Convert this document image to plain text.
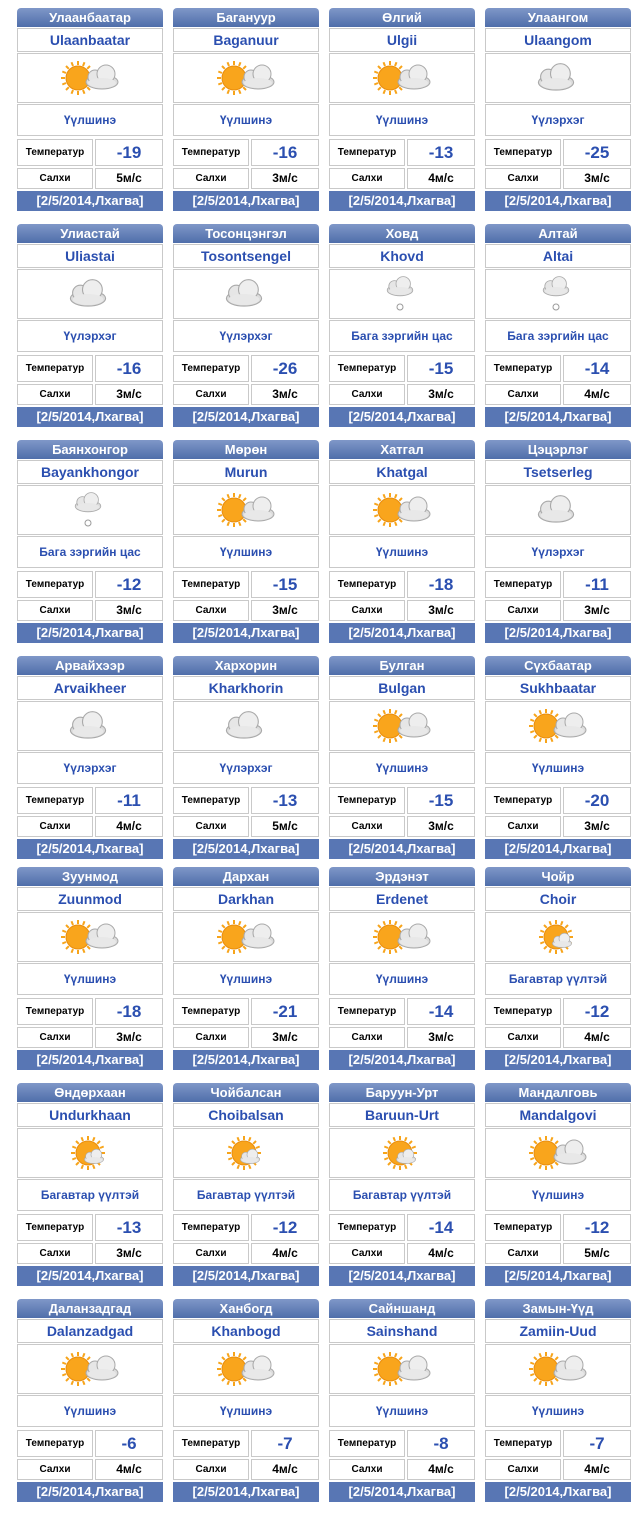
Улаанбаатар
Ulaanbaatar
Үүлшинэ
Температур	-19
Салхи	5м/с
[2/5/2014,Лхагва]
Багануур
Baganuur
Үүлшинэ
Температур	-16
Салхи	3м/с
[2/5/2014,Лхагва]
Өлгий
Ulgii
Үүлшинэ
Температур	-13
Салхи	4м/с
[2/5/2014,Лхагва]
Улаангом
Ulaangom
Үүлэрхэг
Температур	-25
Салхи	3м/с
[2/5/2014,Лхагва]
Улиастай
Uliastai
Үүлэрхэг
Температур	-16
Салхи	3м/с
[2/5/2014,Лхагва]
Тосонцэнгэл
Tosontsengel
Үүлэрхэг
Температур	-26
Салхи	3м/с
[2/5/2014,Лхагва]
Ховд
Khovd
Бага зэргийн цас
Температур	-15
Салхи	3м/с
[2/5/2014,Лхагва]
Алтай
Altai
Бага зэргийн цас
Температур	-14
Салхи	4м/с
[2/5/2014,Лхагва]
Баянхонгор
Bayankhongor
Бага зэргийн цас
Температур	-12
Салхи	3м/с
[2/5/2014,Лхагва]
Мөрөн
Murun
Үүлшинэ
Температур	-15
Салхи	3м/с
[2/5/2014,Лхагва]
Хатгал
Khatgal
Үүлшинэ
Температур	-18
Салхи	3м/с
[2/5/2014,Лхагва]
Цэцэрлэг
Tsetserleg
Үүлэрхэг
Температур	-11
Салхи	3м/с
[2/5/2014,Лхагва]
Арвайхээр
Arvaikheer
Үүлэрхэг
Температур	-11
Салхи	4м/с
[2/5/2014,Лхагва]
Хархорин
Kharkhorin
Үүлэрхэг
Температур	-13
Салхи	5м/с
[2/5/2014,Лхагва]
Булган
Bulgan
Үүлшинэ
Температур	-15
Салхи	3м/с
[2/5/2014,Лхагва]
Сүхбаатар
Sukhbaatar
Үүлшинэ
Температур	-20
Салхи	3м/с
[2/5/2014,Лхагва]
Зуунмод
Zuunmod
Үүлшинэ
Температур	-18
Салхи	3м/с
[2/5/2014,Лхагва]
Дархан
Darkhan
Үүлшинэ
Температур	-21
Салхи	3м/с
[2/5/2014,Лхагва]
Эрдэнэт
Erdenet
Үүлшинэ
Температур	-14
Салхи	3м/с
[2/5/2014,Лхагва]
Чойр
Choir
Багавтар үүлтэй
Температур	-12
Салхи	4м/с
[2/5/2014,Лхагва]
Өндөрхаан
Undurkhaan
Багавтар үүлтэй
Температур	-13
Салхи	3м/с
[2/5/2014,Лхагва]
Чойбалсан
Choibalsan
Багавтар үүлтэй
Температур	-12
Салхи	4м/с
[2/5/2014,Лхагва]
Баруун-Урт
Baruun-Urt
Багавтар үүлтэй
Температур	-14
Салхи	4м/с
[2/5/2014,Лхагва]
Мандалговь
Mandalgovi
Үүлшинэ
Температур	-12
Салхи	5м/с
[2/5/2014,Лхагва]
Даланзадгад
Dalanzadgad
Үүлшинэ
Температур	-6
Салхи	4м/с
[2/5/2014,Лхагва]
Ханбогд
Khanbogd
Үүлшинэ
Температур	-7
Салхи	4м/с
[2/5/2014,Лхагва]
Сайншанд
Sainshand
Үүлшинэ
Температур	-8
Салхи	4м/с
[2/5/2014,Лхагва]
Замын-Үүд
Zamiin-Uud
Үүлшинэ
Температур	-7
Салхи	4м/с
[2/5/2014,Лхагва]
